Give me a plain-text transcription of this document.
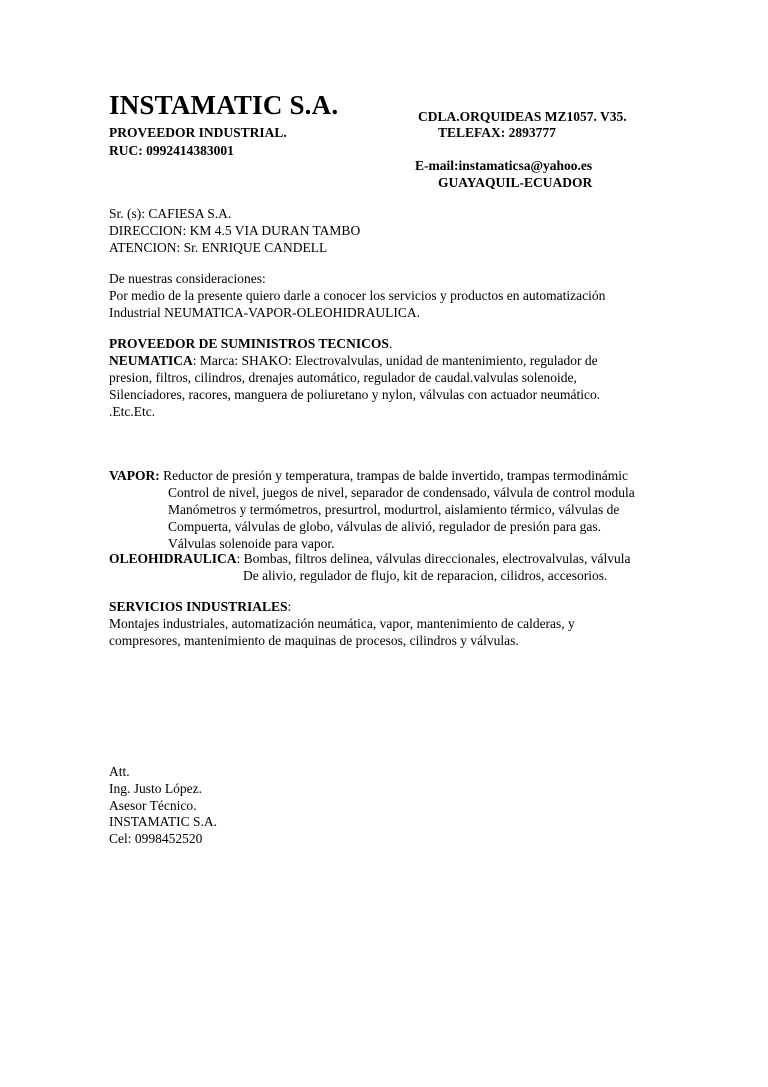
INSTAMATIC S.A.
PROVEEDOR INDUSTRIAL.
RUC: 0992414383001
CDLA.ORQUIDEAS MZ1057. V35.
TELEFAX: 2893777
E-mail:instamaticsa@yahoo.es
GUAYAQUIL-ECUADOR
Sr. (s): CAFIESA S.A.
DIRECCION: KM 4.5 VIA DURAN TAMBO
ATENCION: Sr. ENRIQUE CANDELL
De nuestras consideraciones:
Por medio de la presente quiero darle a conocer los servicios y productos en automatización
Industrial NEUMATICA-VAPOR-OLEOHIDRAULICA.
PROVEEDOR DE SUMINISTROS TECNICOS.
NEUMATICA: Marca: SHAKO: Electrovalvulas, unidad de mantenimiento, regulador de
presion, filtros, cilindros, drenajes automático, regulador de caudal.valvulas solenoide,
Silenciadores, racores, manguera de poliuretano y nylon, válvulas con actuador neumático.
.Etc.Etc.
VAPOR: Reductor de presión y temperatura, trampas de balde invertido, trampas termodinámic
Control de nivel, juegos de nivel, separador de condensado, válvula de control modula
Manómetros y termómetros, presurtrol, modurtrol, aislamiento térmico, válvulas de
Compuerta, válvulas de globo, válvulas de alivió, regulador de presión para gas.
Válvulas solenoide para vapor.
OLEOHIDRAULICA: Bombas, filtros delinea, válvulas direccionales, electrovalvulas, válvula
De alivio, regulador de flujo, kit de reparacion, cilidros, accesorios.
SERVICIOS INDUSTRIALES:
Montajes industriales, automatización neumática, vapor, mantenimiento de calderas, y
compresores, mantenimiento de maquinas de procesos, cilindros y válvulas.
Att.
Ing. Justo López.
Asesor Técnico.
INSTAMATIC S.A.
Cel: 0998452520
